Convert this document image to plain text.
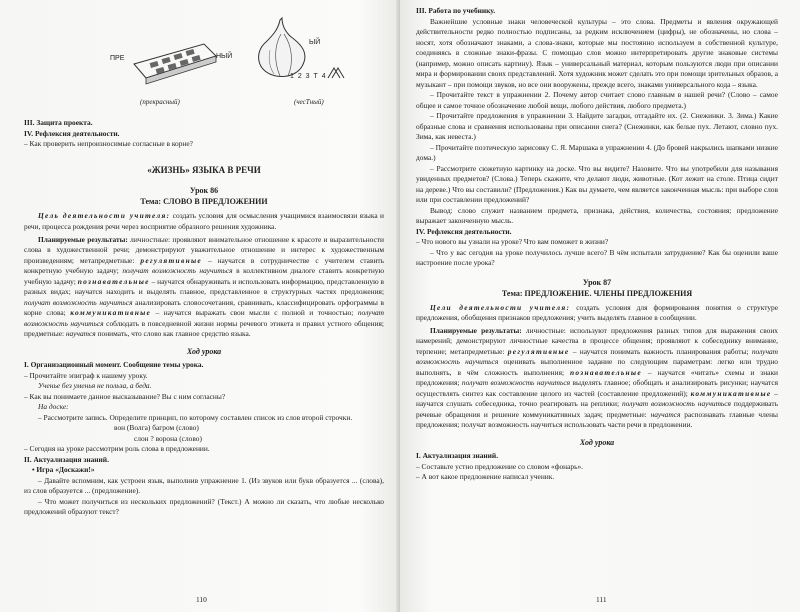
ПРЕ	НЫЙ
ЫЙ
1 2 3 Т 4
(прекрасный)	(чесТный)

III. Защита проекта.

IV. Рефлексия деятельности.

– Как проверить непроизносимые согласные в корне?

«ЖИЗНЬ» ЯЗЫКА В РЕЧИ

Урок 86

Тема: СЛОВО В ПРЕДЛОЖЕНИИ

Цель деятельности учителя: создать условия для осмысления учащимися взаимосвязи языка и речи, процесса рождения речи через восприятие образного решения художника.

Планируемые результаты: личностные: проявляют внимательное отношение к красоте и выразительности слова в художественной речи; демонстрируют уважительное отношение и интерес к художественным произведениям; метапредметные: регулятивные – научатся в сотрудничестве с учителем ставить конкретную учебную задачу; получат возможность научиться в коллективном диалоге ставить конкретную учебную задачу; познавательные – научатся обнаруживать и использовать информацию, представленную в разных видах; научатся находить и выделять главное, представленное в структурных частях предложения; получат возможность научиться анализировать словосочетания, сравнивать, классифицировать орфограммы в корне слова; коммуникативные – научатся выражать свои мысли с полной и точностью; получат возможность научиться соблюдать в повседневной жизни нормы речевого этикета и правил устного общения; предметные: научатся понимать, что слово как главное средство языка.

Ход урока

I. Организационный момент. Сообщение темы урока.

– Прочитайте эпиграф к нашему уроку.

Ученье без уменья не польза, а беда.

– Как вы понимаете данное высказывание? Вы с ним согласны?

На доске:

– Рассмотрите запись. Определите принцип, по которому составлен список из слов второй строчки.

вон (Волга) багром (слово)

слон ? ворона (слово)

– Сегодня на уроке рассмотрим роль слова в предложении.

II. Актуализация знаний.

• Игра «Доскажи!»

– Давайте вспомним, как устроен язык, выполнив упражнение 1. (Из звуков или букв образуется ... (слова), из слов образуется ... (предложение).

– Что может получиться из нескольких предложений? (Текст.) А можно ли сказать, что любые несколько предложений образуют текст?

110

III. Работа по учебнику.

Важнейшие условные знаки человеческой культуры – это слова. Предметы и явления окружающей действительности редко полностью подписаны, за редким исключением (цифры), не обозначены, но слова – носят, хотя обозначают знаками, а слова-знаки, которые мы постоянно используем в собственной культуре, соединяясь в сложные знаки-фразы. С помощью слов можно интерпретировать другие знаковые системы (например, можно описать картину). Язык – универсальный материал, которым пользуются люди при описании мира и формировании своих представлений. Хотя художник может сделать это при помощи зрительных образов, а музыкант – при помощи звуков, но все они вооружены, прежде всего, знаками универсального кода – языка.

– Прочитайте текст в упражнении 2. Почему автор считает слово главным в нашей речи? (Слово – самое общее и самое точное обозначение любой вещи, любого действия, любого предмета.)

– Прочитайте предложения в упражнении 3. Найдите загадки, отгадайте их. (2. Снежинки. 3. Зима.) Какие образные слова и сравнения использованы при описании снега? (Снежинки, как белые пух. Летают, словно пух. Зима, как невеста.)

– Прочитайте поэтическую зарисовку С. Я. Маршака в упражнении 4. (До бровей накрылись шапками низкие дома.)

– Рассмотрите сюжетную картинку на доске. Что вы видите? Назовите. Что вы употребили для называния увиденных предметов? (Слова.) Теперь скажите, что делают люди, животные. (Кот лежит на столе. Птица сидит на дереве.) Что вы составили? (Предложения.) Как вы думаете, чем является законченная мысль: при выборе слов или при составлении предложений?

Вывод: слово служит названием предмета, признака, действия, количества, состояния; предложение выражает законченную мысль.

IV. Рефлексия деятельности.

– Что нового вы узнали на уроке? Что вам поможет в жизни?

– Что у вас сегодня на уроке получилось лучше всего? В чём испытали затруднение? Как бы оценили ваше настроение после урока?

Урок 87

Тема: ПРЕДЛОЖЕНИЕ. ЧЛЕНЫ ПРЕДЛОЖЕНИЯ

Цели деятельности учителя: создать условия для формирования понятия о структуре предложения, обобщения признаков предложения; учить выделять главное в сообщении.

Планируемые результаты: личностные: используют предложения разных типов для выражения своих намерений; демонстрируют личностные качества в процессе общения; проявляют к собеседнику внимание, терпение; метапредметные: регулятивные – научатся понимать важность планирования работы; получат возможность научиться оценивать выполненное задание по следующим параметрам: легко или трудно выполнять, в чём сложность выполнения; познавательные – научатся «читать» схемы и знаки предложения; получат возможность научиться выделять главное; обобщать и анализировать рисунки; научатся осуществлять синтез как составление целого из частей (составление предложений); коммуникативные – научатся слушать собеседника, точно реагировать на реплики; получат возможность научиться поддерживать речевые обращения и решение коммуникативных задач; предметные: научатся распознавать главные члены предложения; получат возможность научиться использовать части речи в предложении.

Ход урока

I. Актуализация знаний.

– Составьте устно предложение со словом «фонарь».

– А вот какое предложение написал ученик.

111
